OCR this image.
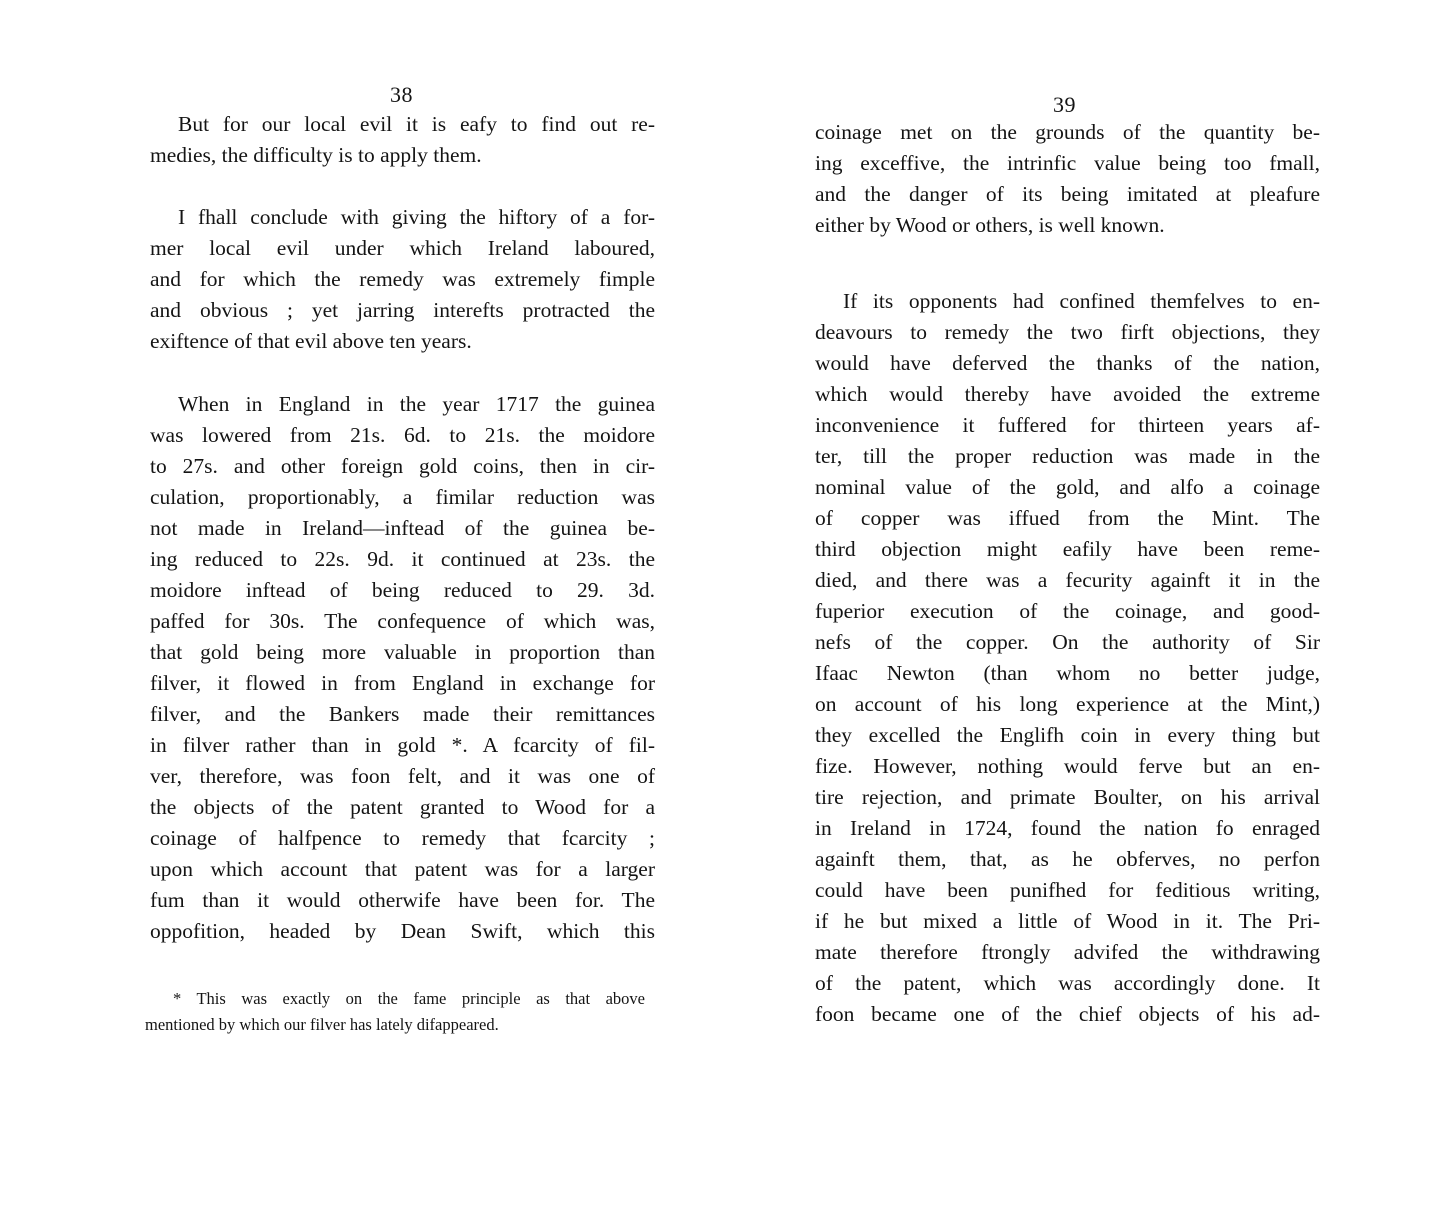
38
But for our local evil it is eafy to find out re-
medies, the difficulty is to apply them.
I fhall conclude with giving the hiftory of a for-
mer local evil under which Ireland laboured,
and for which the remedy was extremely fimple
and obvious ; yet jarring interefts protracted the
exiftence of that evil above ten years.
When in England in the year 1717 the guinea
was lowered from 21s. 6d. to 21s. the moidore
to 27s. and other foreign gold coins, then in cir-
culation, proportionably, a fimilar reduction was
not made in Ireland—inftead of the guinea be-
ing reduced to 22s. 9d. it continued at 23s. the
moidore inftead of being reduced to 29. 3d.
paffed for 30s. The confequence of which was,
that gold being more valuable in proportion than
filver, it flowed in from England in exchange for
filver, and the Bankers made their remittances
in filver rather than in gold *. A fcarcity of fil-
ver, therefore, was foon felt, and it was one of
the objects of the patent granted to Wood for a
coinage of halfpence to remedy that fcarcity ;
upon which account that patent was for a larger
fum than it would otherwife have been for. The
oppofition, headed by Dean Swift, which this
* This was exactly on the fame principle as that above
mentioned by which our filver has lately difappeared.
39
coinage met on the grounds of the quantity be-
ing exceffive, the intrinfic value being too fmall,
and the danger of its being imitated at pleafure
either by Wood or others, is well known.
If its opponents had confined themfelves to en-
deavours to remedy the two firft objections, they
would have deferved the thanks of the nation,
which would thereby have avoided the extreme
inconvenience it fuffered for thirteen years af-
ter, till the proper reduction was made in the
nominal value of the gold, and alfo a coinage
of copper was iffued from the Mint. The
third objection might eafily have been reme-
died, and there was a fecurity againft it in the
fuperior execution of the coinage, and good-
nefs of the copper. On the authority of Sir
Ifaac Newton (than whom no better judge,
on account of his long experience at the Mint,)
they excelled the Englifh coin in every thing but
fize. However, nothing would ferve but an en-
tire rejection, and primate Boulter, on his arrival
in Ireland in 1724, found the nation fo enraged
againft them, that, as he obferves, no perfon
could have been punifhed for feditious writing,
if he but mixed a little of Wood in it. The Pri-
mate therefore ftrongly advifed the withdrawing
of the patent, which was accordingly done. It
foon became one of the chief objects of his ad-
